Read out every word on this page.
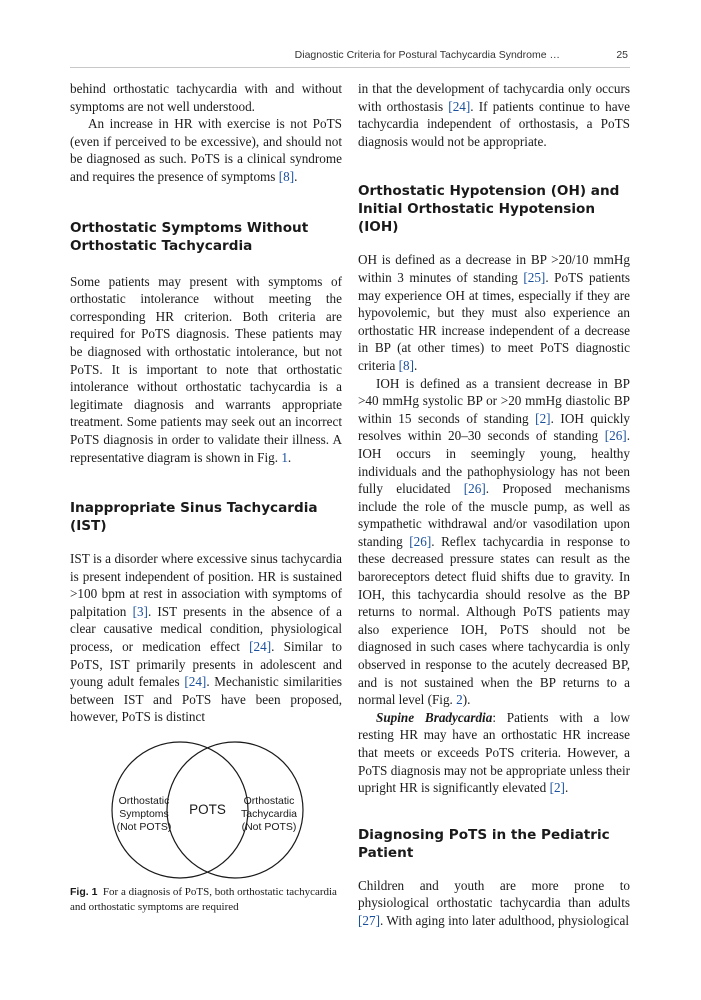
Diagnostic Criteria for Postural Tachycardia Syndrome …	25

behind orthostatic tachycardia with and without symptoms are not well understood.

An increase in HR with exercise is not PoTS (even if perceived to be excessive), and should not be diagnosed as such. PoTS is a clinical syndrome and requires the presence of symptoms [8].

Orthostatic Symptoms Without Orthostatic Tachycardia

Some patients may present with symptoms of orthostatic intolerance without meeting the corresponding HR criterion. Both criteria are required for PoTS diagnosis. These patients may be diagnosed with orthostatic intolerance, but not PoTS. It is important to note that orthostatic intolerance without orthostatic tachycardia is a legitimate diagnosis and warrants appropriate treatment. Some patients may seek out an incorrect PoTS diagnosis in order to validate their illness. A representative diagram is shown in Fig. 1.

Inappropriate Sinus Tachycardia (IST)

IST is a disorder where excessive sinus tachycardia is present independent of position. HR is sustained >100 bpm at rest in association with symptoms of palpitation [3]. IST presents in the absence of a clear causative medical condition, physiological process, or medication effect [24]. Similar to PoTS, IST primarily presents in adolescent and young adult females [24]. Mechanistic similarities between IST and PoTS have been proposed, however, PoTS is distinct

Orthostatic
Symptoms
(Not POTS)
Orthostatic
Tachycardia
(Not POTS)
POTS
Fig. 1 For a diagnosis of PoTS, both orthostatic tachycardia and orthostatic symptoms are required

in that the development of tachycardia only occurs with orthostasis [24]. If patients continue to have tachycardia independent of orthostasis, a PoTS diagnosis would not be appropriate.

Orthostatic Hypotension (OH) and Initial Orthostatic Hypotension (IOH)

OH is defined as a decrease in BP >20/10 mmHg within 3 minutes of standing [25]. PoTS patients may experience OH at times, especially if they are hypovolemic, but they must also experience an orthostatic HR increase independent of a decrease in BP (at other times) to meet PoTS diagnostic criteria [8].

IOH is defined as a transient decrease in BP >40 mmHg systolic BP or >20 mmHg diastolic BP within 15 seconds of standing [2]. IOH quickly resolves within 20–30 seconds of standing [26]. IOH occurs in seemingly young, healthy individuals and the pathophysiology has not been fully elucidated [26]. Proposed mechanisms include the role of the muscle pump, as well as sympathetic withdrawal and/or vasodilation upon standing [26]. Reflex tachycardia in response to these decreased pressure states can result as the baroreceptors detect fluid shifts due to gravity. In IOH, this tachycardia should resolve as the BP returns to normal. Although PoTS patients may also experience IOH, PoTS should not be diagnosed in such cases where tachycardia is only observed in response to the acutely decreased BP, and is not sustained when the BP returns to a normal level (Fig. 2).

Supine Bradycardia: Patients with a low resting HR may have an orthostatic HR increase that meets or exceeds PoTS criteria. However, a PoTS diagnosis may not be appropriate unless their upright HR is significantly elevated [2].

Diagnosing PoTS in the Pediatric Patient

Children and youth are more prone to physiological orthostatic tachycardia than adults [27]. With aging into later adulthood, physiological
